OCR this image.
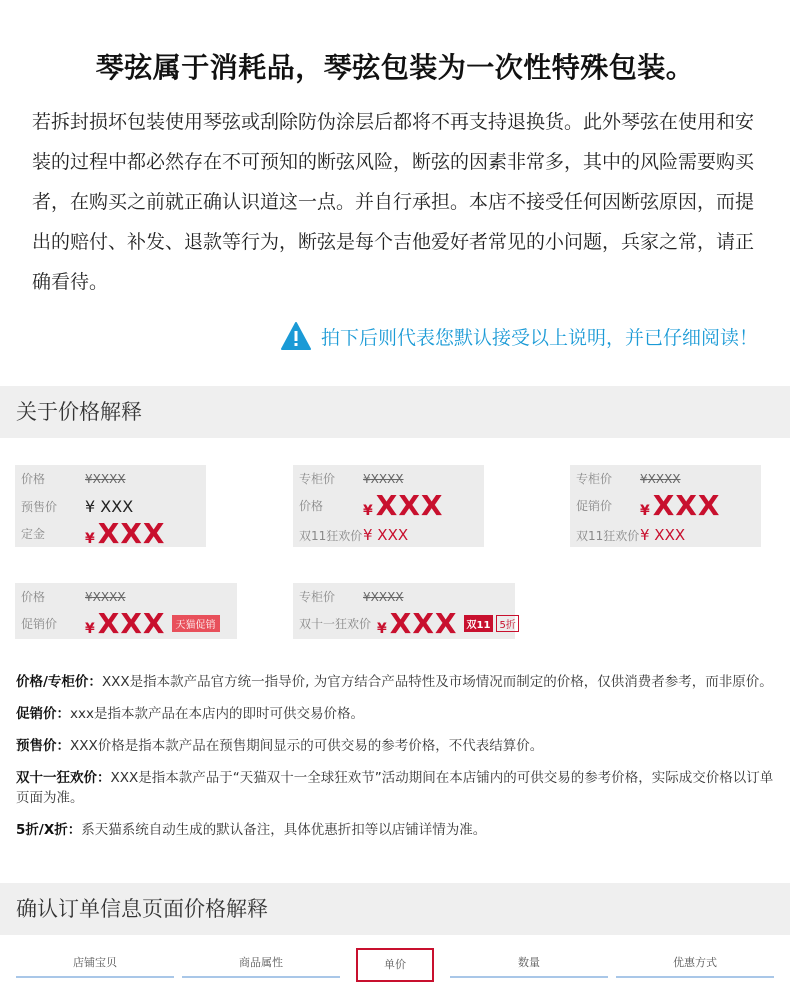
琴弦属于消耗品，琴弦包装为一次性特殊包装。
若拆封损坏包装使用琴弦或刮除防伪涂层后都将不再支持退换货。此外琴弦在使用和安装的过程中都必然存在不可预知的断弦风险，断弦的因素非常多，其中的风险需要购买者，在购买之前就正确认识道这一点。并自行承担。本店不接受任何因断弦原因，而提出的赔付、补发、退款等行为，断弦是每个吉他爱好者常见的小问题，兵家之常，请正确看待。
拍下后则代表您默认接受以上说明，并已仔细阅读！
关于价格解释
价格	¥XXXX
预售价	¥ XXX
定金	¥XXX
专柜价	¥XXXX
价格	¥XXX
双11狂欢价 ¥ XXX
专柜价	¥XXXX
促销价	¥XXX
双11狂欢价 ¥ XXX
价格	¥XXXX
促销价	¥XXX	天猫促销
专柜价	¥XXXX
双十一狂欢价 ¥XXX 双11 5折
价格/专柜价：XXX是指本款产品官方统一指导价, 为官方结合产品特性及市场情况而制定的价格，仅供消费者参考，而非原价。
促销价：xxx是指本款产品在本店内的即时可供交易价格。
预售价：XXX价格是指本款产品在预售期间显示的可供交易的参考价格，不代表结算价。
双十一狂欢价：XXX是指本款产品于“天猫双十一全球狂欢节”活动期间在本店铺内的可供交易的参考价格，实际成交价格以订单页面为准。
5折/X折：系天猫系统自动生成的默认备注，具体优惠折扣等以店铺详情为准。
确认订单信息页面价格解释
店铺宝贝	商品属性	单价	数量	优惠方式
